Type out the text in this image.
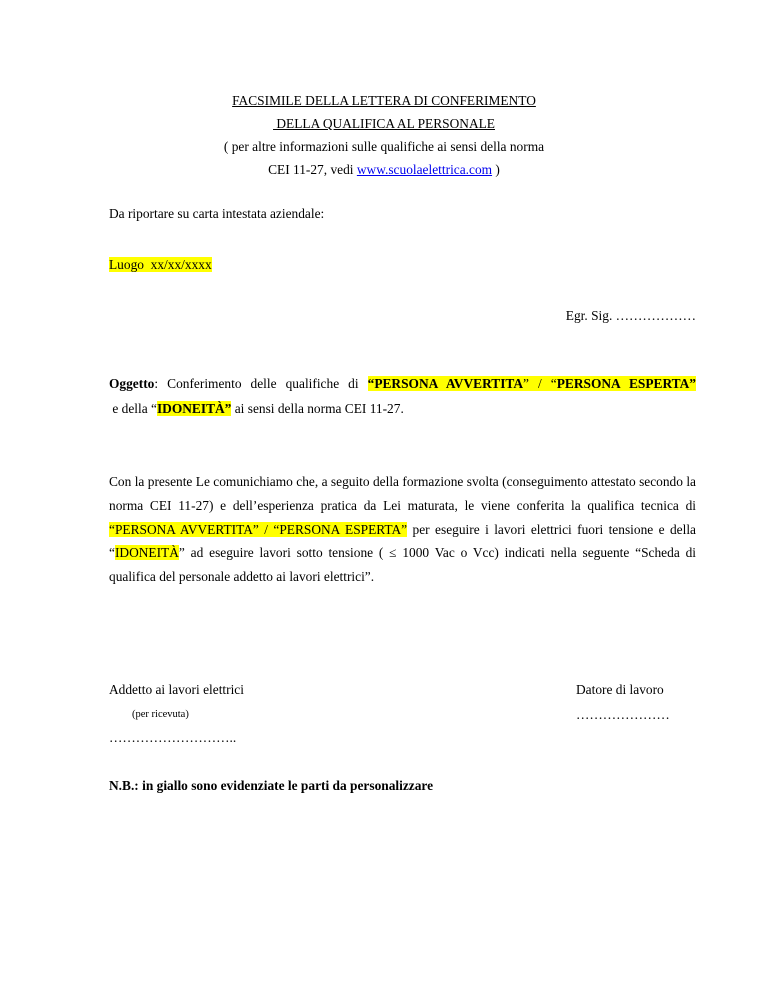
FACSIMILE DELLA LETTERA DI CONFERIMENTO
DELLA QUALIFICA AL PERSONALE
( per altre informazioni sulle qualifiche ai sensi della norma
CEI 11-27, vedi www.scuolaelettrica.com )
Da riportare su carta intestata aziendale:
Luogo  xx/xx/xxxx
Egr. Sig. ………………
Oggetto: Conferimento delle qualifiche di “PERSONA AVVERTITA” / “PERSONA ESPERTA” e della “IDONEITÀ” ai sensi della norma CEI 11-27.
Con la presente Le comunichiamo che, a seguito della formazione svolta (conseguimento attestato secondo la norma CEI 11-27) e dell’esperienza pratica da Lei maturata, le viene conferita la qualifica tecnica di “PERSONA AVVERTITA” / “PERSONA ESPERTA” per eseguire i lavori elettrici fuori tensione e della “IDONEITÀ” ad eseguire lavori sotto tensione ( ≤ 1000 Vac o Vcc) indicati nella seguente “Scheda di qualifica del personale addetto ai lavori elettrici”.
Addetto ai lavori elettrici
(per ricevuta)
………………………..
Datore di lavoro
…………………
N.B.: in giallo sono evidenziate le parti da personalizzare
